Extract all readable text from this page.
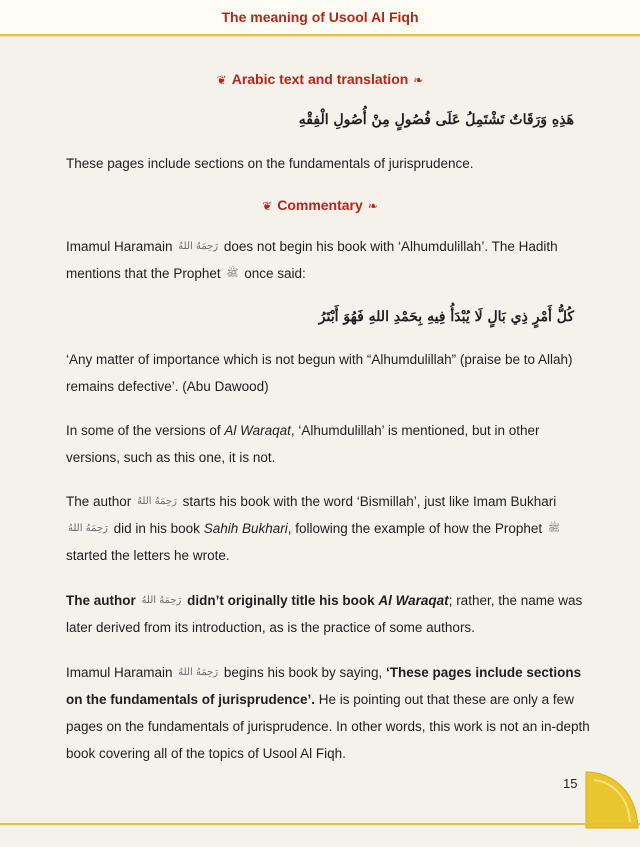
The meaning of Usool Al Fiqh
❦ Arabic text and translation ❧
هَذِهِ وَرَقَاتٌ تَشْتَمِلُ عَلَى فُصُولٍ مِنْ أُصُولِ الْفِقْهِ
These pages include sections on the fundamentals of jurisprudence.
❦ Commentary ❧
Imamul Haramain رَحِمَهُ اللهُ does not begin his book with ‘Alhumdulillah’. The Hadith mentions that the Prophet ﷺ once said:
كُلُّ أَمْرٍ ذِي بَالٍ لَا يُبْدَأُ فِيهِ بِحَمْدِ اللهِ فَهُوَ أَبْتَرُ
‘Any matter of importance which is not begun with “Alhumdulillah” (praise be to Allah) remains defective’. (Abu Dawood)
In some of the versions of Al Waraqat, ‘Alhumdulillah’ is mentioned, but in other versions, such as this one, it is not.
The author رَحِمَهُ اللهُ starts his book with the word ‘Bismillah’, just like Imam Bukhari رَحِمَهُ اللهُ did in his book Sahih Bukhari, following the example of how the Prophet ﷺ started the letters he wrote.
The author رَحِمَهُ اللهُ didn’t originally title his book Al Waraqat; rather, the name was later derived from its introduction, as is the practice of some authors.
Imamul Haramain رَحِمَهُ اللهُ begins his book by saying, ‘These pages include sections on the fundamentals of jurisprudence’. He is pointing out that these are only a few pages on the fundamentals of jurisprudence. In other words, this work is not an in-depth book covering all of the topics of Usool Al Fiqh.
15
